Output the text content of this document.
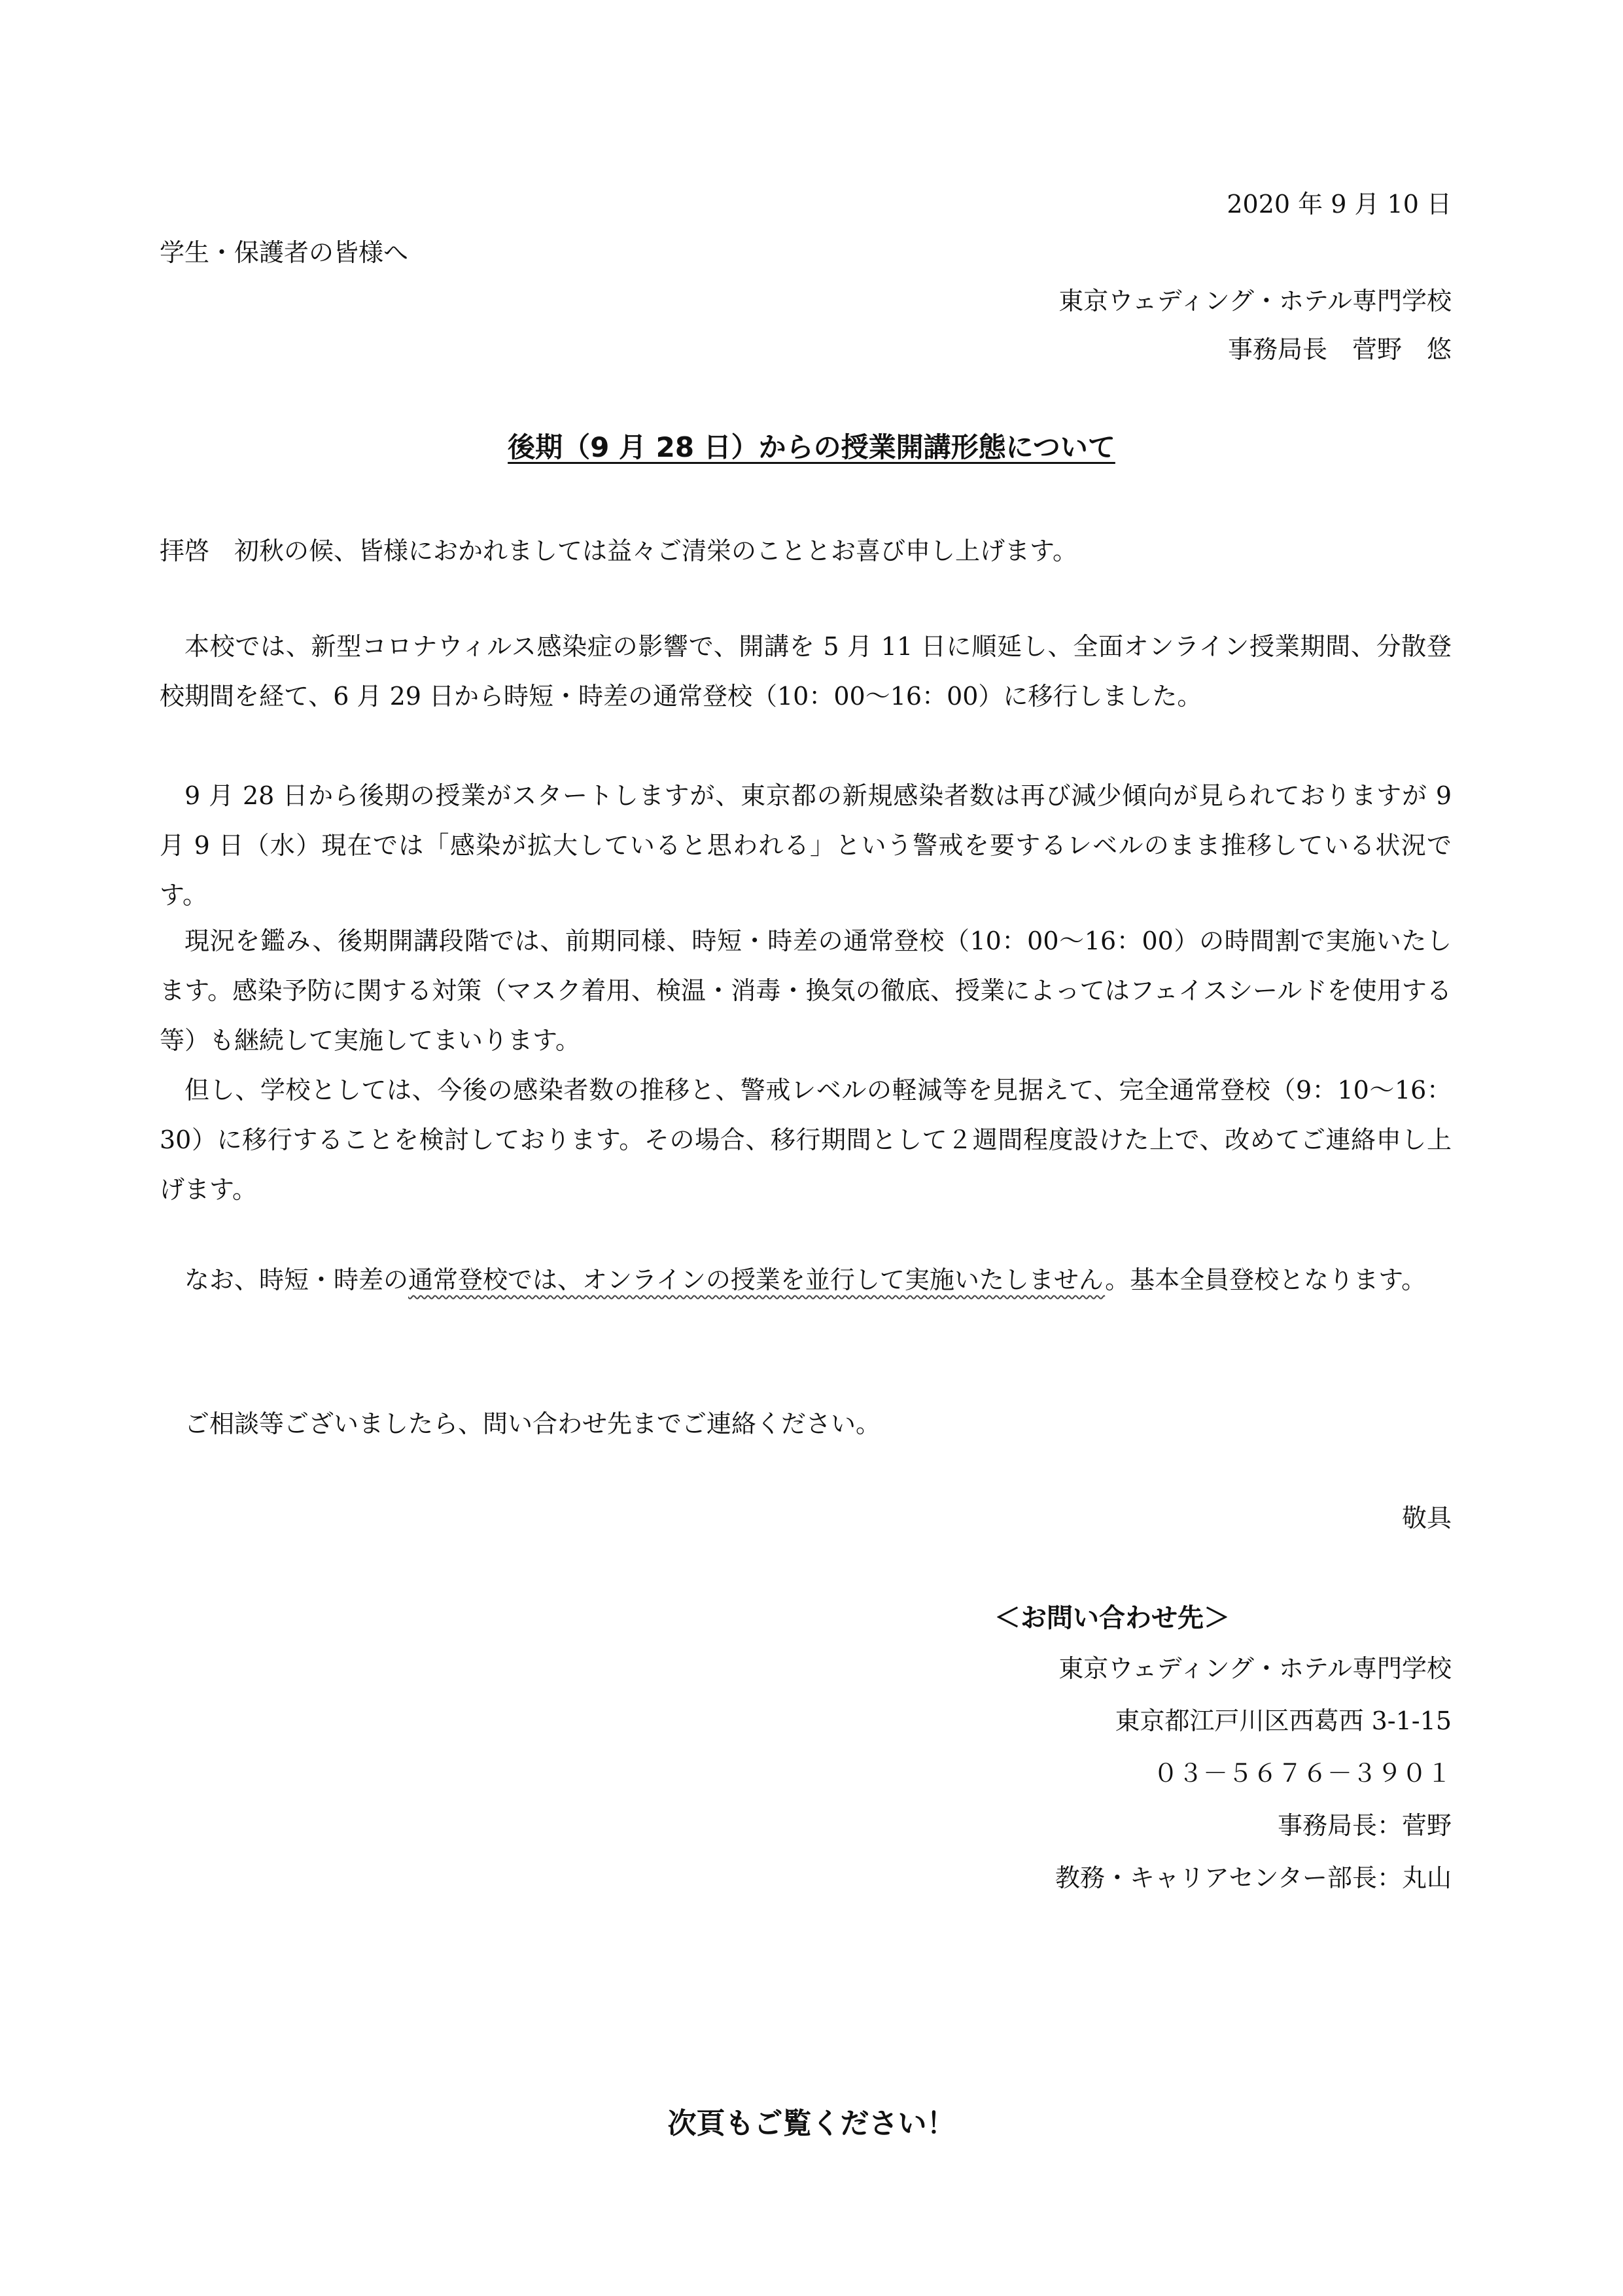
2020 年 9 月 10 日
学生・保護者の皆様へ
東京ウェディング・ホテル専門学校
事務局長　菅野　悠
後期（9 月 28 日）からの授業開講形態について
拝啓　初秋の候、皆様におかれましては益々ご清栄のこととお喜び申し上げます。
本校では、新型コロナウィルス感染症の影響で、開講を 5 月 11 日に順延し、全面オンライン授業期間、分散登校期間を経て、6 月 29 日から時短・時差の通常登校（10：00〜16：00）に移行しました。
9 月 28 日から後期の授業がスタートしますが、東京都の新規感染者数は再び減少傾向が見られておりますが 9 月 9 日（水）現在では「感染が拡大していると思われる」という警戒を要するレベルのまま推移している状況です。
現況を鑑み、後期開講段階では、前期同様、時短・時差の通常登校（10：00〜16：00）の時間割で実施いたします。感染予防に関する対策（マスク着用、検温・消毒・換気の徹底、授業によってはフェイスシールドを使用する等）も継続して実施してまいります。
但し、学校としては、今後の感染者数の推移と、警戒レベルの軽減等を見据えて、完全通常登校（9：10〜16：30）に移行することを検討しております。その場合、移行期間として２週間程度設けた上で、改めてご連絡申し上げます。
なお、時短・時差の通常登校では、オンラインの授業を並行して実施いたしません。基本全員登校となります。
ご相談等ございましたら、問い合わせ先までご連絡ください。
敬具
＜お問い合わせ先＞
東京ウェディング・ホテル専門学校
東京都江戸川区西葛西 3-1-15
０３－５６７６－３９０１
事務局長：菅野
教務・キャリアセンター部長：丸山
次頁もご覧ください！
